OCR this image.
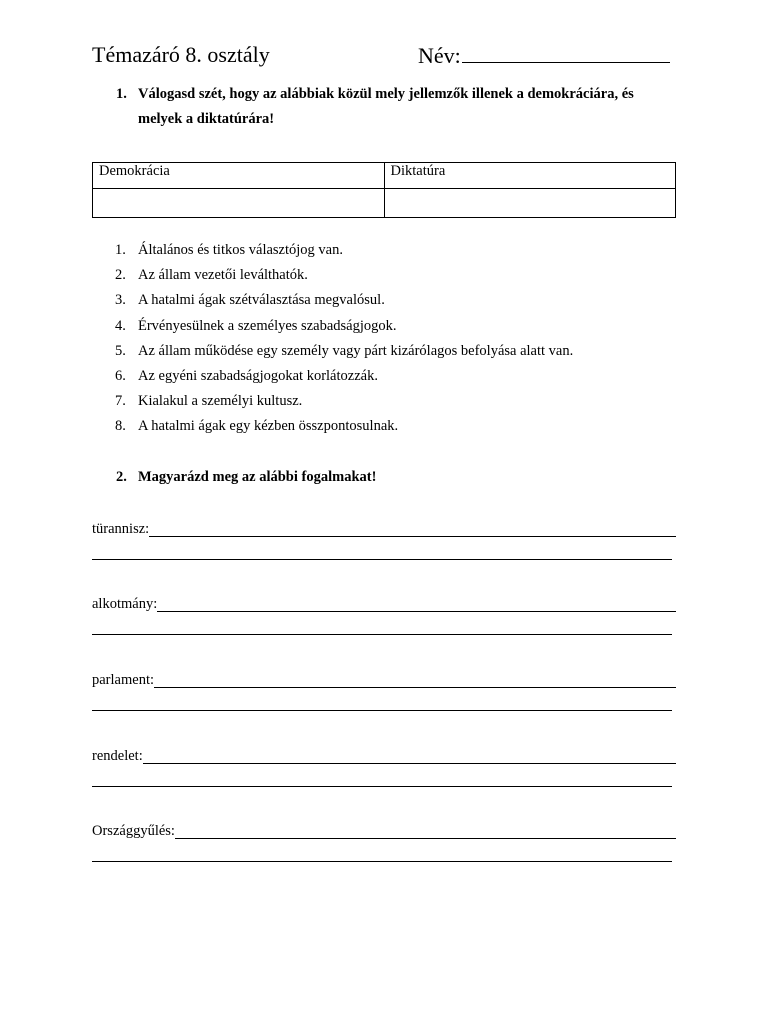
Témazáró 8. osztály	Név:
1. Válogasd szét, hogy az alábbiak közül mely jellemzők illenek a demokráciára, és melyek a diktatúrára!
Demokrácia	Diktatúra

1. Általános és titkos választójog van.
2. Az állam vezetői leválthatók.
3. A hatalmi ágak szétválasztása megvalósul.
4. Érvényesülnek a személyes szabadságjogok.
5. Az állam működése egy személy vagy párt kizárólagos befolyása alatt van.
6. Az egyéni szabadságjogokat korlátozzák.
7. Kialakul a személyi kultusz.
8. A hatalmi ágak egy kézben összpontosulnak.
2. Magyarázd meg az alábbi fogalmakat!
türannisz:
alkotmány:
parlament:
rendelet:
Országgyűlés:
